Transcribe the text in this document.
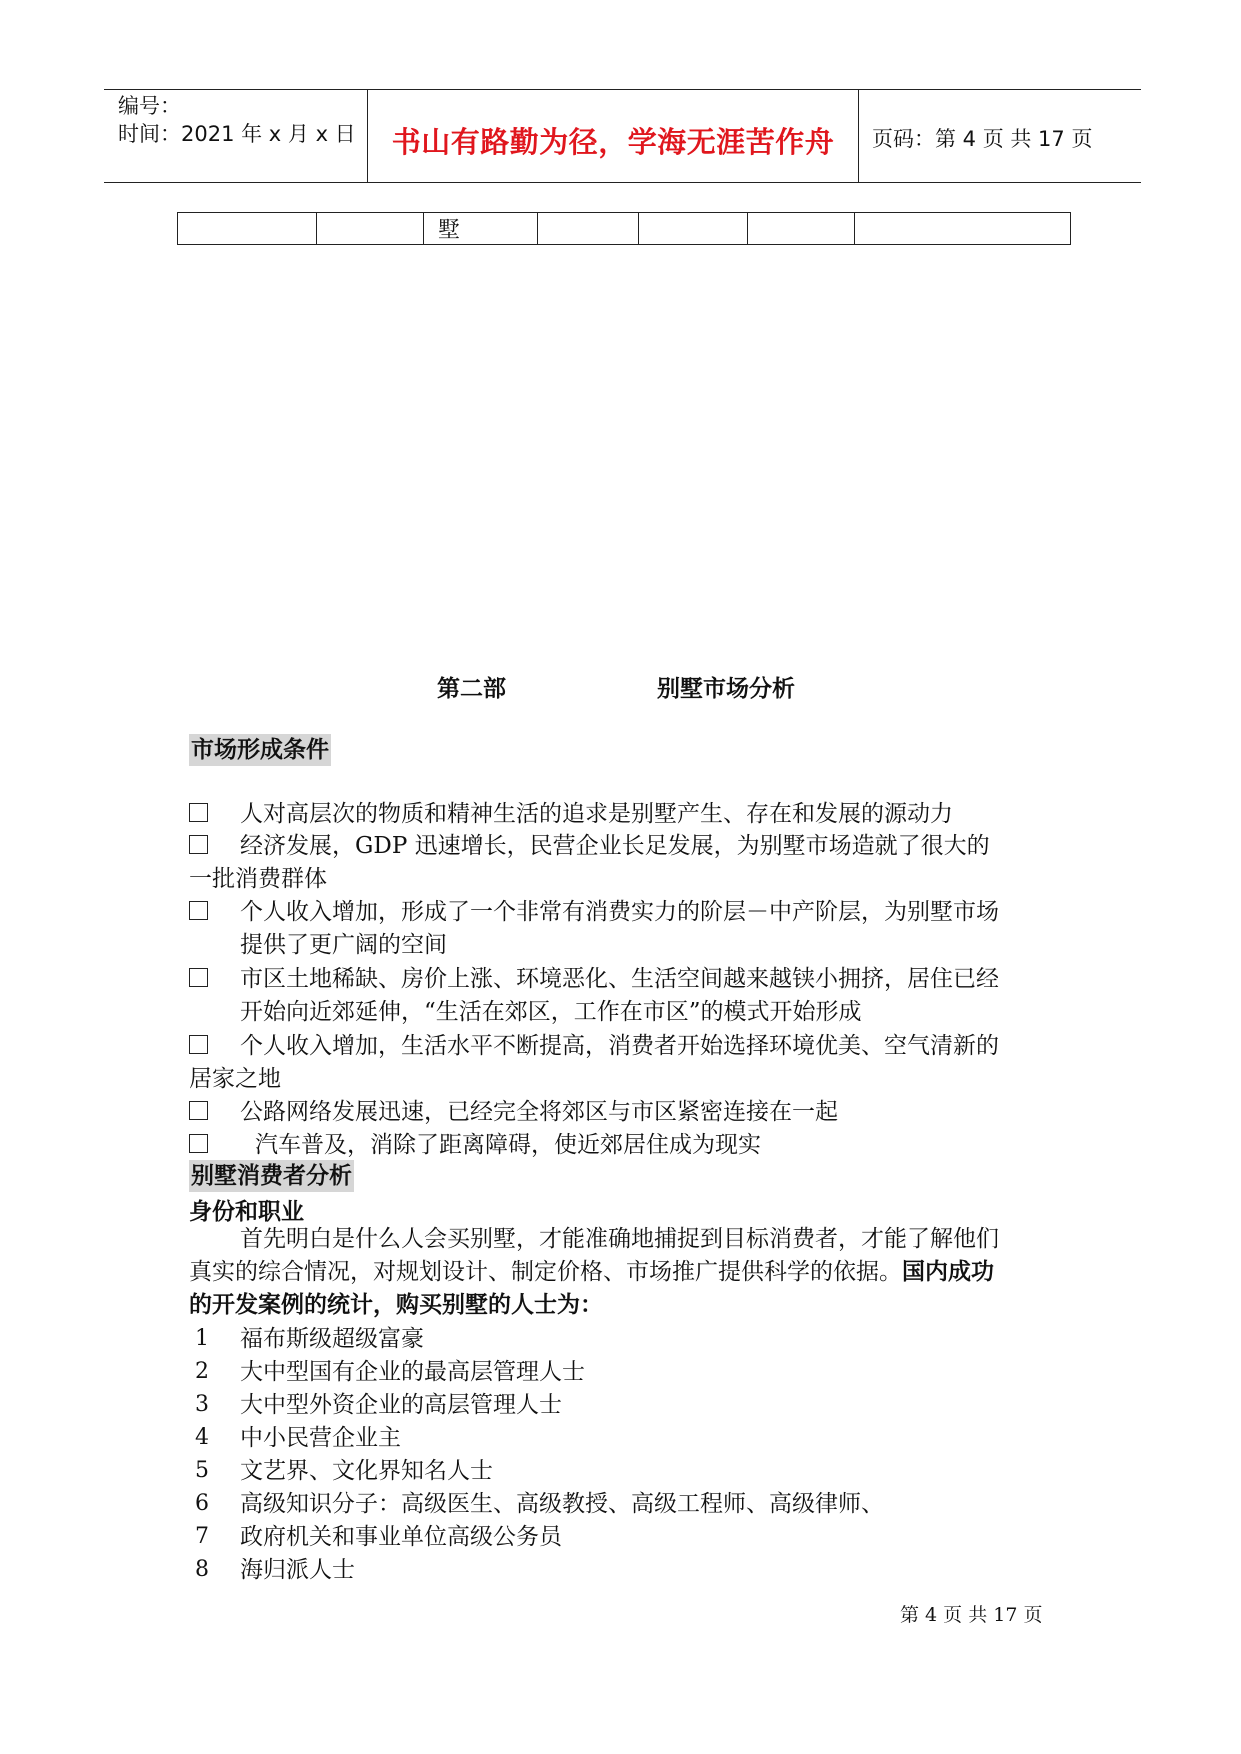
编号：
时间：2021 年 x 月 x 日	书山有路勤为径，学海无涯苦作舟	页码：第 4 页 共 17 页
		墅				
第二部	别墅市场分析
市场形成条件
人对高层次的物质和精神生活的追求是别墅产生、存在和发展的源动力
经济发展，GDP 迅速增长，民营企业长足发展，为别墅市场造就了很大的
一批消费群体
个人收入增加，形成了一个非常有消费实力的阶层－中产阶层，为别墅市场
提供了更广阔的空间
市区土地稀缺、房价上涨、环境恶化、生活空间越来越铗小拥挤，居住已经
开始向近郊延伸，“生活在郊区，工作在市区”的模式开始形成
个人收入增加，生活水平不断提高，消费者开始选择环境优美、空气清新的
居家之地
公路网络发展迅速，已经完全将郊区与市区紧密连接在一起
汽车普及，消除了距离障碍，使近郊居住成为现实
别墅消费者分析
身份和职业
首先明白是什么人会买别墅，才能准确地捕捉到目标消费者，才能了解他们
真实的综合情况，对规划设计、制定价格、市场推广提供科学的依据。国内成功
的开发案例的统计，购买别墅的人士为：
1 福布斯级超级富豪
2 大中型国有企业的最高层管理人士
3 大中型外资企业的高层管理人士
4 中小民营企业主
5 文艺界、文化界知名人士
6 高级知识分子：高级医生、高级教授、高级工程师、高级律师、
7 政府机关和事业单位高级公务员
8 海归派人士
第 4 页 共 17 页
